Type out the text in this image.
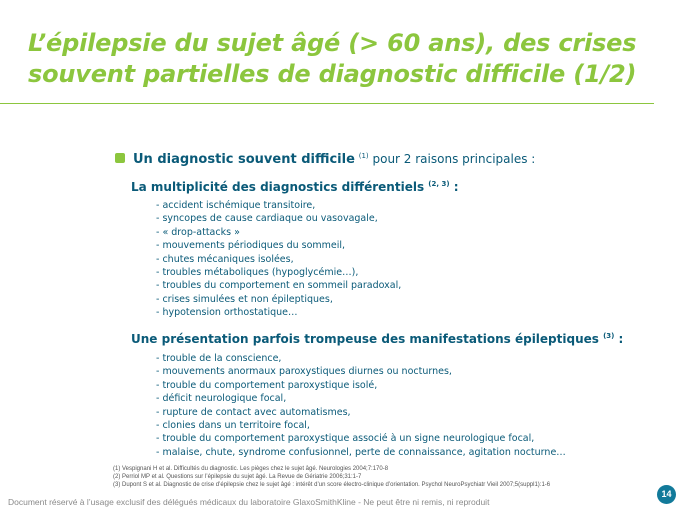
L’épilepsie du sujet âgé (> 60 ans), des crises
souvent partielles de diagnostic difficile (1/2)
Un diagnostic souvent difficile $^{(1)}$ pour 2 raisons principales :
La multiplicité des diagnostics différentiels $^{(2, 3)}$ :
- accident ischémique transitoire,
- syncopes de cause cardiaque ou vasovagale,
- « drop-attacks »
- mouvements périodiques du sommeil,
- chutes mécaniques isolées,
- troubles métaboliques (hypoglycémie…),
- troubles du comportement en sommeil paradoxal,
- crises simulées et non épileptiques,
- hypotension orthostatique…
Une présentation parfois trompeuse des manifestations épileptiques $^{(3)}$ :
- trouble de la conscience,
- mouvements anormaux paroxystiques diurnes ou nocturnes,
- trouble du comportement paroxystique isolé,
- déficit neurologique focal,
- rupture de contact avec automatismes,
- clonies dans un territoire focal,
- trouble du comportement paroxystique associé à un signe neurologique focal,
- malaise, chute, syndrome confusionnel, perte de connaissance, agitation nocturne…
(1) Vespignani H et al. Difficultés du diagnostic. Les pièges chez le sujet âgé. Neurologies 2004;7:170-8
(2) Perriol MP et al. Questions sur l’épilepsie du sujet âgé. La Revue de Gériatrie 2006;31:1-7
(3) Dupont S et al. Diagnostic de crise d’épilepsie chez le sujet âgé : intérêt d’un score électro-clinique d’orientation. Psychol NeuroPsychiatr Vieil 2007;5(suppl1):1-6
Document réservé à l’usage exclusif des délégués médicaux du laboratoire GlaxoSmithKline - Ne peut être ni remis, ni reproduit
14
